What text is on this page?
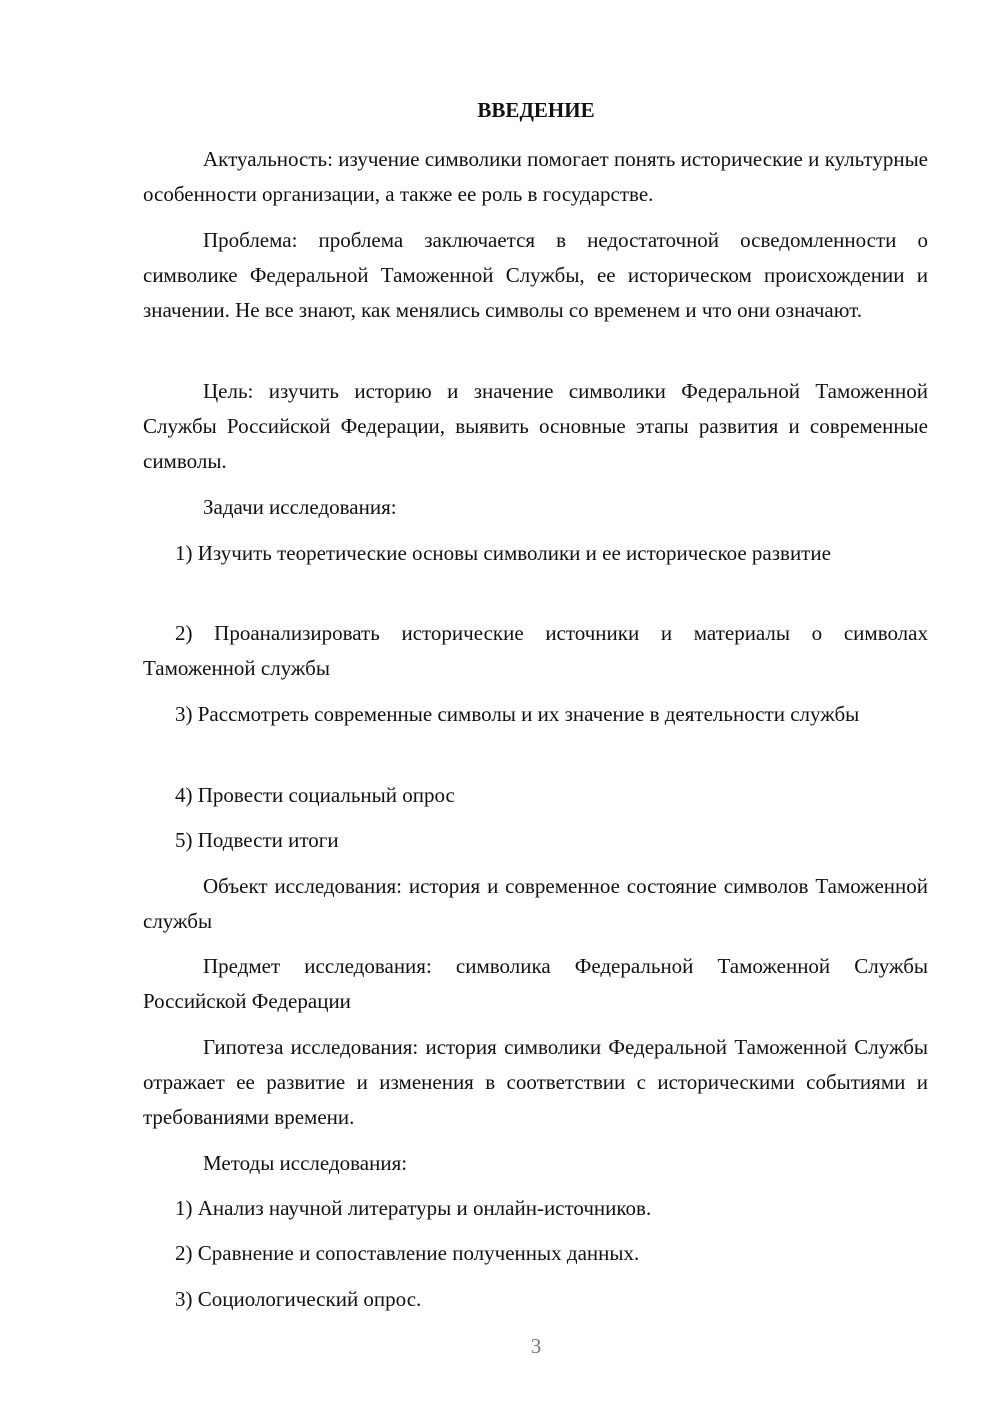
ВВЕДЕНИЕ

Актуальность: изучение символики помогает понять исторические и культурные особенности организации, а также ее роль в государстве.

Проблема: проблема заключается в недостаточной осведомленности о символике Федеральной Таможенной Службы, ее историческом происхождении и значении. Не все знают, как менялись символы со временем и что они означают.

Цель: изучить историю и значение символики Федеральной Таможенной Службы Российской Федерации, выявить основные этапы развития и современные символы.

Задачи исследования:

1) Изучить теоретические основы символики и ее историческое развитие

2) Проанализировать исторические источники и материалы о символах Таможенной службы

3) Рассмотреть современные символы и их значение в деятельности службы

4) Провести социальный опрос

5) Подвести итоги

Объект исследования: история и современное состояние символов Таможенной службы

Предмет исследования: символика Федеральной Таможенной Службы Российской Федерации

Гипотеза исследования: история символики Федеральной Таможенной Службы отражает ее развитие и изменения в соответствии с историческими событиями и требованиями времени.

Методы исследования:

1) Анализ научной литературы и онлайн-источников.

2) Сравнение и сопоставление полученных данных.

3) Социологический опрос.

3
